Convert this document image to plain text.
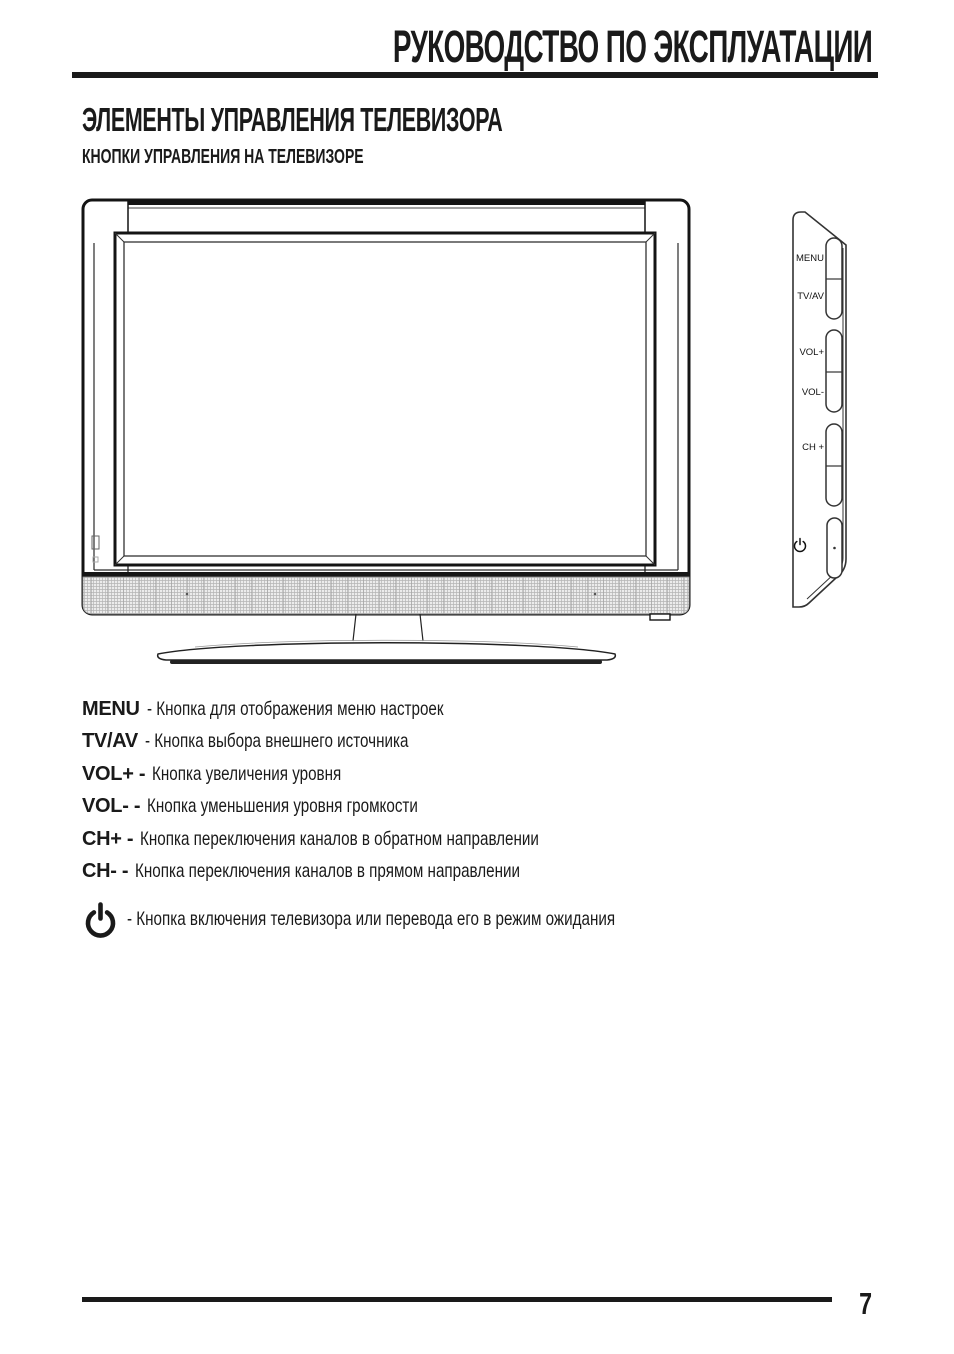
РУКОВОДСТВО ПО ЭКСПЛУАТАЦИИ
ЭЛЕМЕНТЫ УПРАВЛЕНИЯ ТЕЛЕВИЗОРА
КНОПКИ УПРАВЛЕНИЯ НА ТЕЛЕВИЗОРЕ
MENU
TV/AV
VOL+
VOL-
CH +
MENU - Кнопка для отображения меню настроек
TV/AV - Кнопка выбора внешнего источника
VOL+ - Кнопка увеличения уровня
VOL- - Кнопка уменьшения уровня громкости
CH+ - Кнопка переключения каналов в обратном направлении
CH- - Кнопка переключения каналов в прямом направлении
- Кнопка включения телевизора или перевода его в режим ожидания
7
